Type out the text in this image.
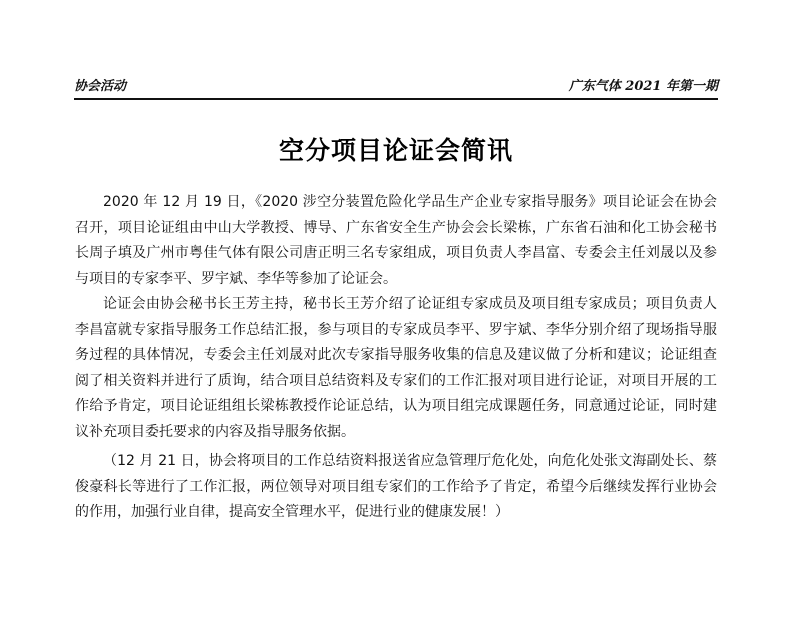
协会活动	广东气体 2021 年第一期
空分项目论证会简讯

2020 年 12 月 19 日，《2020 涉空分装置危险化学品生产企业专家指导服务》项目论证会在协会召开，项目论证组由中山大学教授、博导、广东省安全生产协会会长梁栋，广东省石油和化工协会秘书长周子填及广州市粤佳气体有限公司唐正明三名专家组成，项目负责人李昌富、专委会主任刘晟以及参与项目的专家李平、罗宇斌、李华等参加了论证会。

论证会由协会秘书长王芳主持，秘书长王芳介绍了论证组专家成员及项目组专家成员；项目负责人李昌富就专家指导服务工作总结汇报，参与项目的专家成员李平、罗宇斌、李华分别介绍了现场指导服务过程的具体情况，专委会主任刘晟对此次专家指导服务收集的信息及建议做了分析和建议；论证组查阅了相关资料并进行了质询，结合项目总结资料及专家们的工作汇报对项目进行论证，对项目开展的工作给予肯定，项目论证组组长梁栋教授作论证总结，认为项目组完成课题任务，同意通过论证，同时建议补充项目委托要求的内容及指导服务依据。

（12 月 21 日，协会将项目的工作总结资料报送省应急管理厅危化处，向危化处张文海副处长、蔡俊豪科长等进行了工作汇报，两位领导对项目组专家们的工作给予了肯定，希望今后继续发挥行业协会的作用，加强行业自律，提高安全管理水平，促进行业的健康发展！）
